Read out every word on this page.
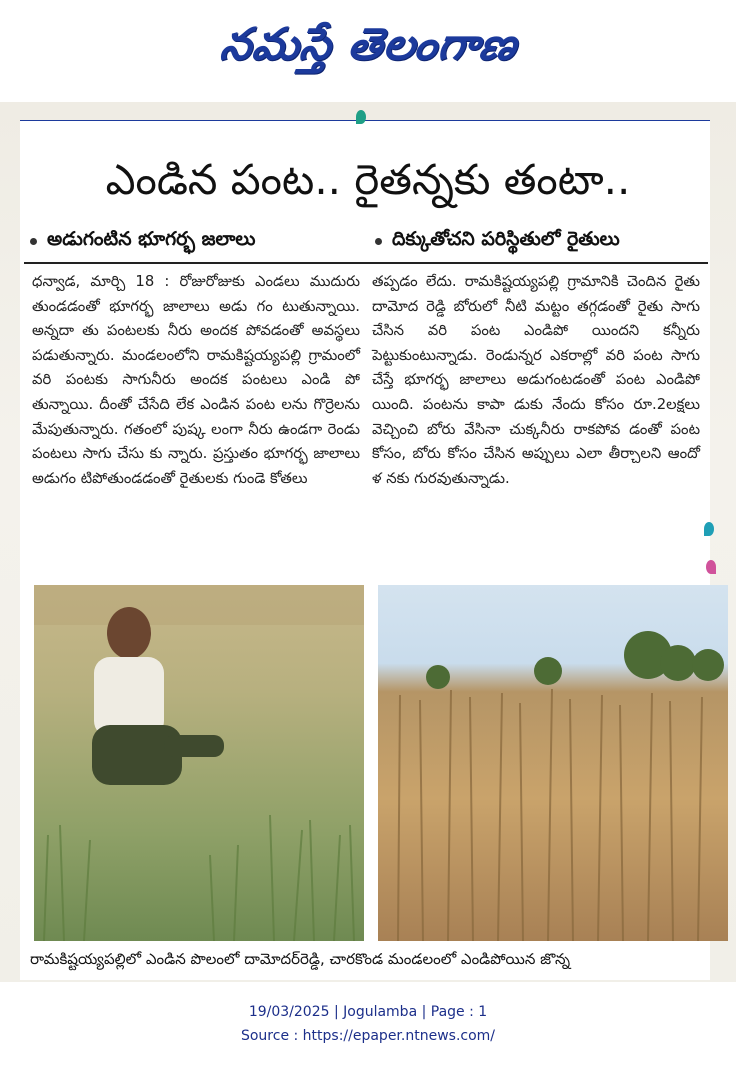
నమస్తే తెలంగాణ
ఎండిన పంట.. రైతన్నకు తంటా..
అడుగంటిన భూగర్భ జలాలు	దిక్కుతోచని పరిస్థితులో రైతులు

ధన్వాడ, మార్చి 18 : రోజురోజుకు ఎండలు ముదురు తుండడంతో భూగర్భ జాలాలు అడు గం టుతున్నాయి. అన్నదా తు పంటలకు నీరు అందక పోవడంతో అవస్థలు పడుతున్నారు. మండలంలోని రామకిష్టయ్యపల్లి గ్రామంలో వరి పంటకు సాగునీరు అందక పంటలు ఎండి పో తున్నాయి. దీంతో చేసేది లేక ఎండిన పంట లను గొర్రెలను మేపుతున్నారు. గతంలో పుష్క లంగా నీరు ఉండగా రెండు పంటలు సాగు చేసు కు న్నారు. ప్రస్తుతం భూగర్భ జాలాలు అడుగం టిపోతుండడంతో రైతులకు గుండె కోతలు

తప్పడం లేదు. రామకిష్టయ్యపల్లి గ్రామానికి చెందిన రైతు దామోద రెడ్డి బోరులో నీటి మట్టం తగ్గడంతో రైతు సాగు చేసిన వరి పంట ఎండిపో యిందని కన్నీరు పెట్టుకుంటున్నాడు. రెండున్నర ఎకరాల్లో వరి పంట సాగు చేస్తే భూగర్భ జాలాలు అడుగంటడంతో పంట ఎండిపో యింది. పంటను కాపా డుకు నేందు కోసం రూ.2లక్షలు వెచ్చించి బోరు వేసినా చుక్కనీరు రాకపోవ డంతో పంట కోసం, బోరు కోసం చేసిన అప్పులు ఎలా తీర్చాలని ఆందో ళ నకు గురవుతున్నాడు.

రామకిష్టయ్యపల్లిలో ఎండిన పొలంలో దామోదర్‌రెడ్డి, చారకొండ మండలంలో ఎండిపోయిన జొన్న
19/03/2025 | Jogulamba | Page : 1
Source : https://epaper.ntnews.com/
